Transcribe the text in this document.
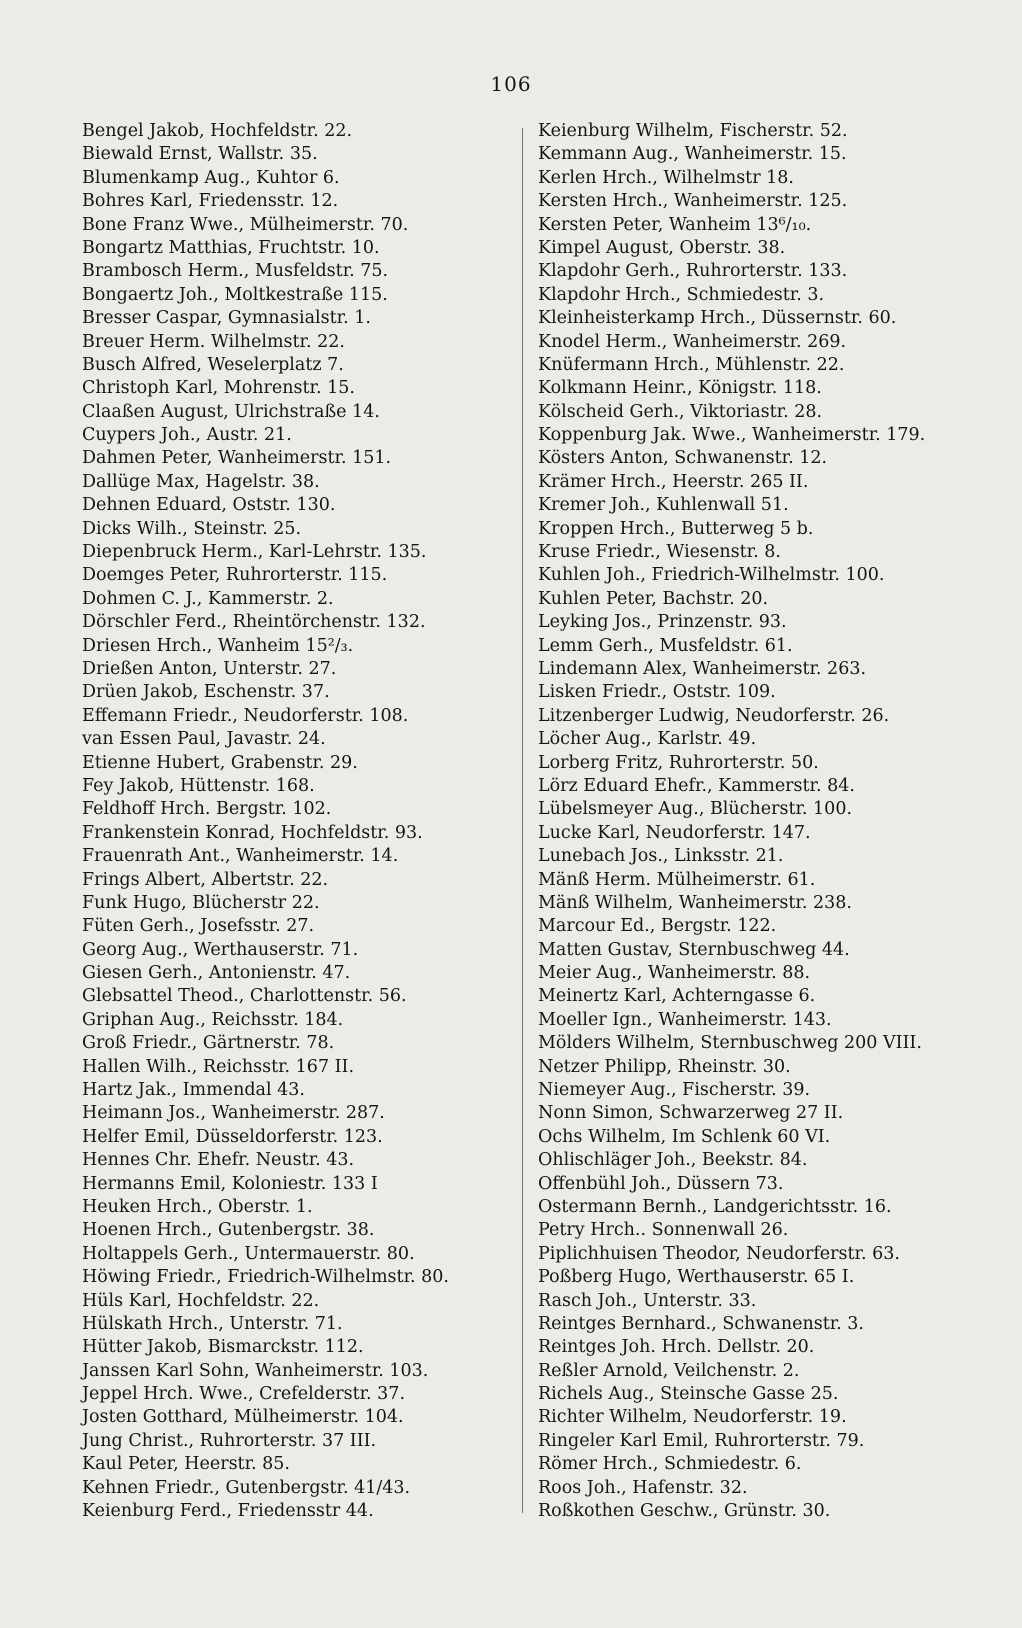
106
Bengel Jakob, Hochfeldstr. 22.
Biewald Ernst, Wallstr. 35.
Blumenkamp Aug., Kuhtor 6.
Bohres Karl, Friedensstr. 12.
Bone Franz Wwe., Mülheimerstr. 70.
Bongartz Matthias, Fruchtstr. 10.
Brambosch Herm., Musfeldstr. 75.
Bongaertz Joh., Moltkestraße 115.
Bresser Caspar, Gymnasialstr. 1.
Breuer Herm. Wilhelmstr. 22.
Busch Alfred, Weselerplatz 7.
Christoph Karl, Mohrenstr. 15.
Claaßen August, Ulrichstraße 14.
Cuypers Joh., Austr. 21.
Dahmen Peter, Wanheimerstr. 151.
Dallüge Max, Hagelstr. 38.
Dehnen Eduard, Oststr. 130.
Dicks Wilh., Steinstr. 25.
Diepenbruck Herm., Karl-Lehrstr. 135.
Doemges Peter, Ruhrorterstr. 115.
Dohmen C. J., Kammerstr. 2.
Dörschler Ferd., Rheintörchenstr. 132.
Driesen Hrch., Wanheim 15²/₃.
Drießen Anton, Unterstr. 27.
Drüen Jakob, Eschenstr. 37.
Effemann Friedr., Neudorferstr. 108.
van Essen Paul, Javastr. 24.
Etienne Hubert, Grabenstr. 29.
Fey Jakob, Hüttenstr. 168.
Feldhoff Hrch. Bergstr. 102.
Frankenstein Konrad, Hochfeldstr. 93.
Frauenrath Ant., Wanheimerstr. 14.
Frings Albert, Albertstr. 22.
Funk Hugo, Blücherstr 22.
Füten Gerh., Josefsstr. 27.
Georg Aug., Werthauserstr. 71.
Giesen Gerh., Antonienstr. 47.
Glebsattel Theod., Charlottenstr. 56.
Griphan Aug., Reichsstr. 184.
Groß Friedr., Gärtnerstr. 78.
Hallen Wilh., Reichsstr. 167 II.
Hartz Jak., Immendal 43.
Heimann Jos., Wanheimerstr. 287.
Helfer Emil, Düsseldorferstr. 123.
Hennes Chr. Ehefr. Neustr. 43.
Hermanns Emil, Koloniestr. 133 I
Heuken Hrch., Oberstr. 1.
Hoenen Hrch., Gutenbergstr. 38.
Holtappels Gerh., Untermauerstr. 80.
Höwing Friedr., Friedrich-Wilhelmstr. 80.
Hüls Karl, Hochfeldstr. 22.
Hülskath Hrch., Unterstr. 71.
Hütter Jakob, Bismarckstr. 112.
Janssen Karl Sohn, Wanheimerstr. 103.
Jeppel Hrch. Wwe., Crefelderstr. 37.
Josten Gotthard, Mülheimerstr. 104.
Jung Christ., Ruhrorterstr. 37 III.
Kaul Peter, Heerstr. 85.
Kehnen Friedr., Gutenbergstr. 41/43.
Keienburg Ferd., Friedensstr 44.
Keienburg Wilhelm, Fischerstr. 52.
Kemmann Aug., Wanheimerstr. 15.
Kerlen Hrch., Wilhelmstr 18.
Kersten Hrch., Wanheimerstr. 125.
Kersten Peter, Wanheim 13⁶/₁₀.
Kimpel August, Oberstr. 38.
Klapdohr Gerh., Ruhrorterstr. 133.
Klapdohr Hrch., Schmiedestr. 3.
Kleinheisterkamp Hrch., Düssernstr. 60.
Knodel Herm., Wanheimerstr. 269.
Knüfermann Hrch., Mühlenstr. 22.
Kolkmann Heinr., Königstr. 118.
Kölscheid Gerh., Viktoriastr. 28.
Koppenburg Jak. Wwe., Wanheimerstr. 179.
Kösters Anton, Schwanenstr. 12.
Krämer Hrch., Heerstr. 265 II.
Kremer Joh., Kuhlenwall 51.
Kroppen Hrch., Butterweg 5 b.
Kruse Friedr., Wiesenstr. 8.
Kuhlen Joh., Friedrich-Wilhelmstr. 100.
Kuhlen Peter, Bachstr. 20.
Leyking Jos., Prinzenstr. 93.
Lemm Gerh., Musfeldstr. 61.
Lindemann Alex, Wanheimerstr. 263.
Lisken Friedr., Oststr. 109.
Litzenberger Ludwig, Neudorferstr. 26.
Löcher Aug., Karlstr. 49.
Lorberg Fritz, Ruhrorterstr. 50.
Lörz Eduard Ehefr., Kammerstr. 84.
Lübelsmeyer Aug., Blücherstr. 100.
Lucke Karl, Neudorferstr. 147.
Lunebach Jos., Linksstr. 21.
Mänß Herm. Mülheimerstr. 61.
Mänß Wilhelm, Wanheimerstr. 238.
Marcour Ed., Bergstr. 122.
Matten Gustav, Sternbuschweg 44.
Meier Aug., Wanheimerstr. 88.
Meinertz Karl, Achterngasse 6.
Moeller Ign., Wanheimerstr. 143.
Mölders Wilhelm, Sternbuschweg 200 VIII.
Netzer Philipp, Rheinstr. 30.
Niemeyer Aug., Fischerstr. 39.
Nonn Simon, Schwarzerweg 27 II.
Ochs Wilhelm, Im Schlenk 60 VI.
Ohlischläger Joh., Beekstr. 84.
Offenbühl Joh., Düssern 73.
Ostermann Bernh., Landgerichtsstr. 16.
Petry Hrch.. Sonnenwall 26.
Piplichhuisen Theodor, Neudorferstr. 63.
Poßberg Hugo, Werthauserstr. 65 I.
Rasch Joh., Unterstr. 33.
Reintges Bernhard., Schwanenstr. 3.
Reintges Joh. Hrch. Dellstr. 20.
Reßler Arnold, Veilchenstr. 2.
Richels Aug., Steinsche Gasse 25.
Richter Wilhelm, Neudorferstr. 19.
Ringeler Karl Emil, Ruhrorterstr. 79.
Römer Hrch., Schmiedestr. 6.
Roos Joh., Hafenstr. 32.
Roßkothen Geschw., Grünstr. 30.
